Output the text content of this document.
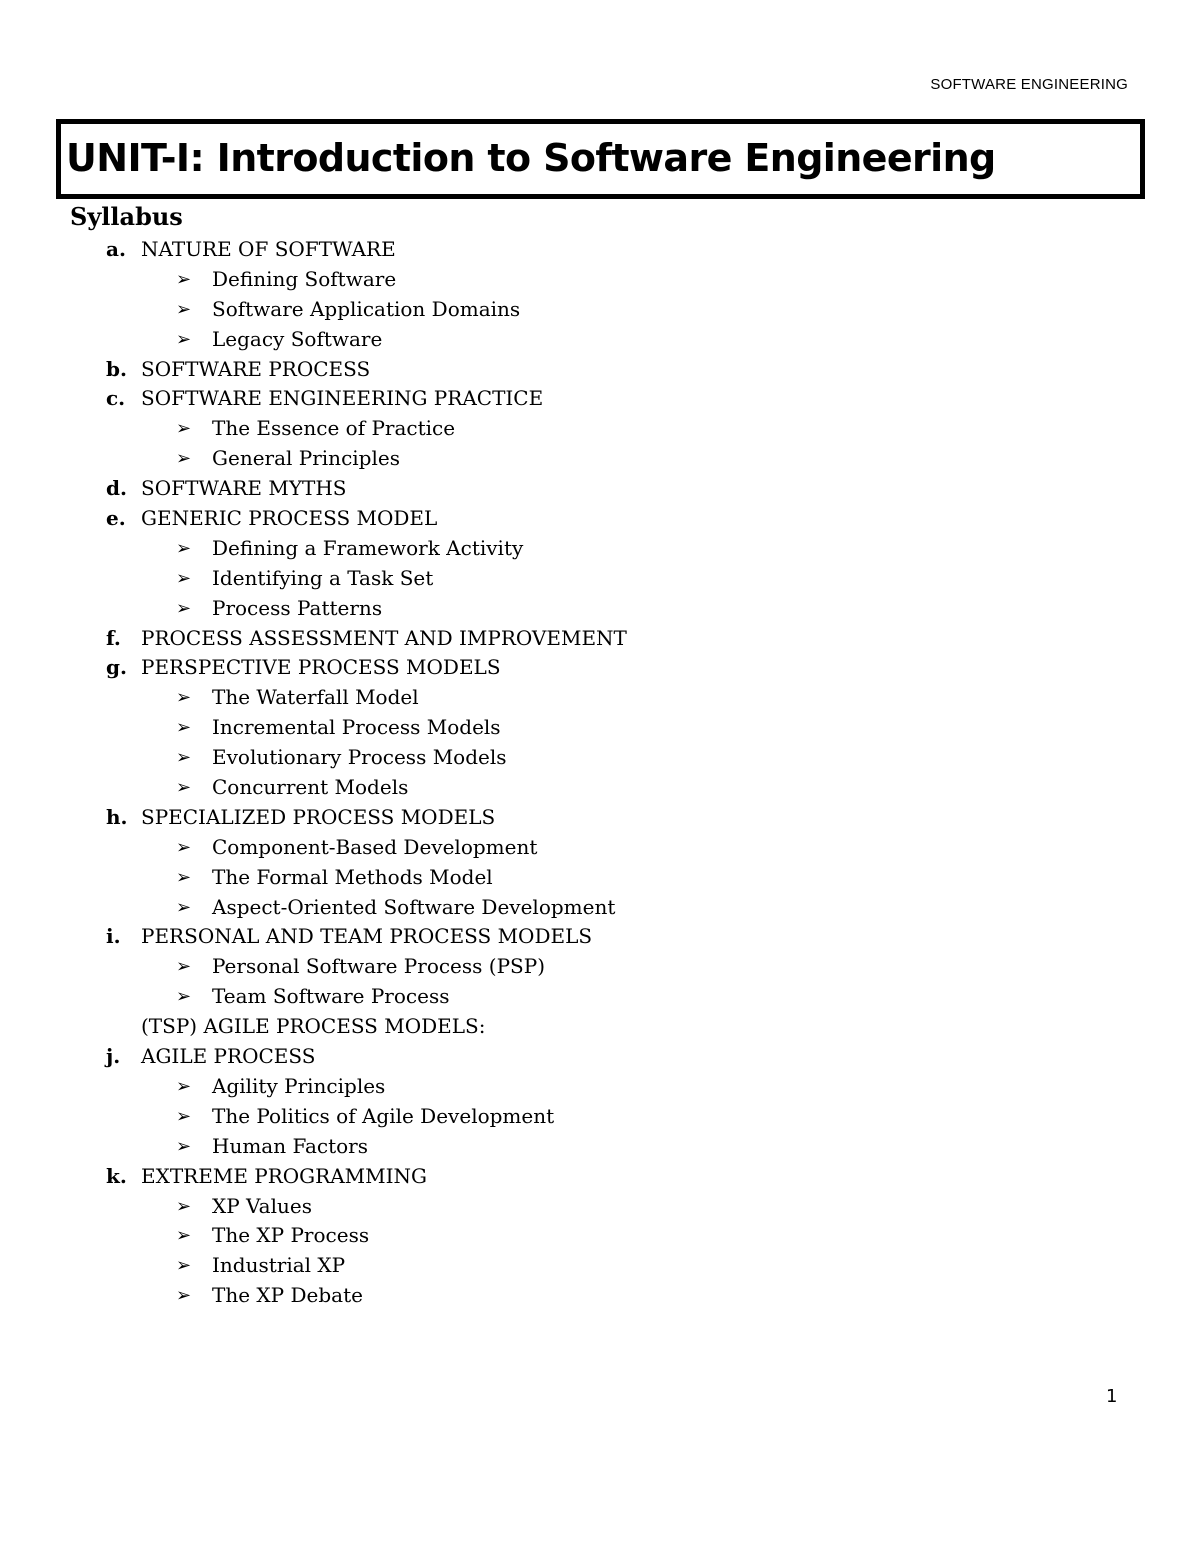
SOFTWARE ENGINEERING
UNIT-I: Introduction to Software Engineering
Syllabus
a. NATURE OF SOFTWARE
➢ Defining Software
➢ Software Application Domains
➢ Legacy Software
b. SOFTWARE PROCESS
c. SOFTWARE ENGINEERING PRACTICE
➢ The Essence of Practice
➢ General Principles
d. SOFTWARE MYTHS
e. GENERIC PROCESS MODEL
➢ Defining a Framework Activity
➢ Identifying a Task Set
➢ Process Patterns
f.	PROCESS ASSESSMENT AND IMPROVEMENT
g. PERSPECTIVE PROCESS MODELS
➢ The Waterfall Model
➢ Incremental Process Models
➢ Evolutionary Process Models
➢ Concurrent Models
h. SPECIALIZED PROCESS MODELS
➢ Component-Based Development
➢ The Formal Methods Model
➢ Aspect-Oriented Software Development
i.	PERSONAL AND TEAM PROCESS MODELS
➢ Personal Software Process (PSP)
➢ Team Software Process
(TSP) AGILE PROCESS MODELS:
j.	AGILE PROCESS
➢ Agility Principles
➢ The Politics of Agile Development
➢ Human Factors
k. EXTREME PROGRAMMING
➢ XP Values
➢ The XP Process
➢ Industrial XP
➢ The XP Debate
1
